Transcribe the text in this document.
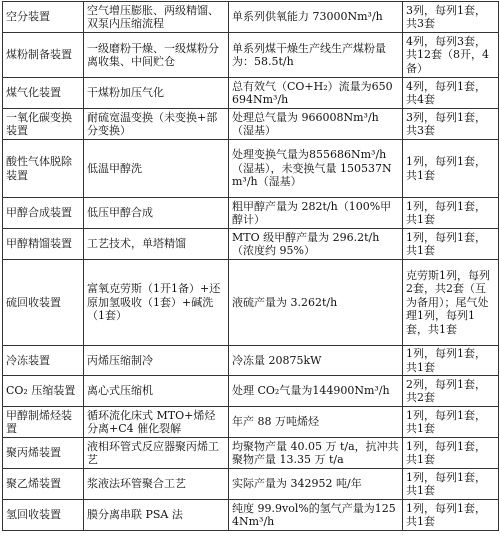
空分装置	空气增压膨胀、两级精馏、双泵内压缩流程	单系列供氧能力 73000Nm³/h	3列，每列1套，共3套
煤粉制备装置	一级磨粉干燥、一级煤粉分离收集、中间贮仓	单系列煤干燥生产线生产煤粉量为：58.5t/h	4列，每列3套，共12套（8开，4备）
煤气化装置	干煤粉加压气化	总有效气（CO+H₂）流量为650694Nm³/h	4列，每列1套，共4套
一氧化碳变换装置	耐硫宽温变换（未变换+部分变换）	处理总气量为 966008Nm³/h（湿基）	3列，每列1套，共3套
酸性气体脱除装置	低温甲醇洗	处理变换气量为855686Nm³/h（湿基），未变换气量 150537Nm³/h（湿基）	1列，每列1套，共1套
甲醇合成装置	低压甲醇合成	粗甲醇产量为 282t/h（100%甲醇计）	1列，每列1套，共1套
甲醇精馏装置	工艺技术，单塔精馏	MTO 级甲醇产量为 296.2t/h（浓度约 95%）	1列，每列1套，共1套
硫回收装置	富氧克劳斯（1开1备）+还原加氢吸收（1套）+碱洗（1套）	液硫产量为 3.262t/h	克劳斯1列，每列2套，共2套（互为备用）；尾气处理1列，每列1套，共1套
冷冻装置	丙烯压缩制冷	冷冻量 20875kW	1列，每列1套，共1套
CO₂ 压缩装置	离心式压缩机	处理 CO₂气量为144900Nm³/h	2列，每列1套，共2套
甲醇制烯烃装置	循环流化床式 MTO+烯烃分离+C4 催化裂解	年产 88 万吨烯烃	1列，每列1套，共1套
聚丙烯装置	液相环管式反应器聚丙烯工艺	均聚物产量 40.05 万 t/a，抗冲共聚物产量 13.35 万 t/a	1列，每列1套，共1套
聚乙烯装置	浆液法环管聚合工艺	实际产量为 342952 吨/年	1列，每列1套，共1套
氢回收装置	膜分离串联 PSA 法	纯度 99.9vol%的氢气产量为1254Nm³/h	1列，每列1套，共1套
